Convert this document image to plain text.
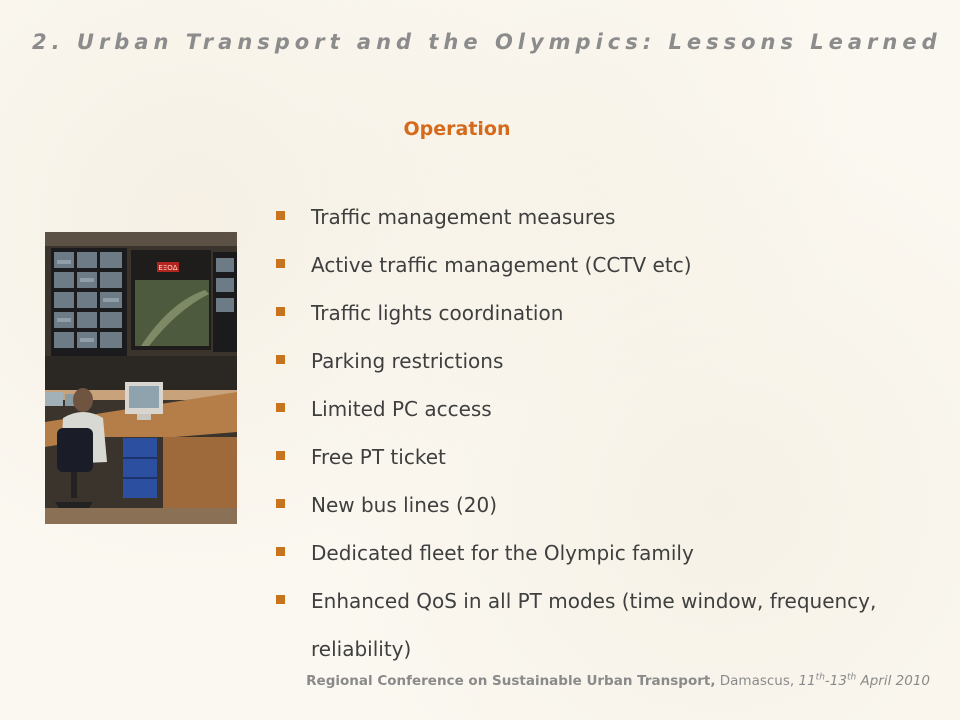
2. Urban Transport and the Olympics: Lessons Learned
Operation
ΕΞΟΔ
Traffic management measures
Active traffic management (CCTV etc)
Traffic lights coordination
Parking restrictions
Limited PC access
Free PT ticket
New bus lines (20)
Dedicated fleet for the Olympic family
Enhanced QoS in all PT modes (time window, frequency, reliability)
Regional Conference on Sustainable Urban Transport, Damascus, 11th-13th April 2010
